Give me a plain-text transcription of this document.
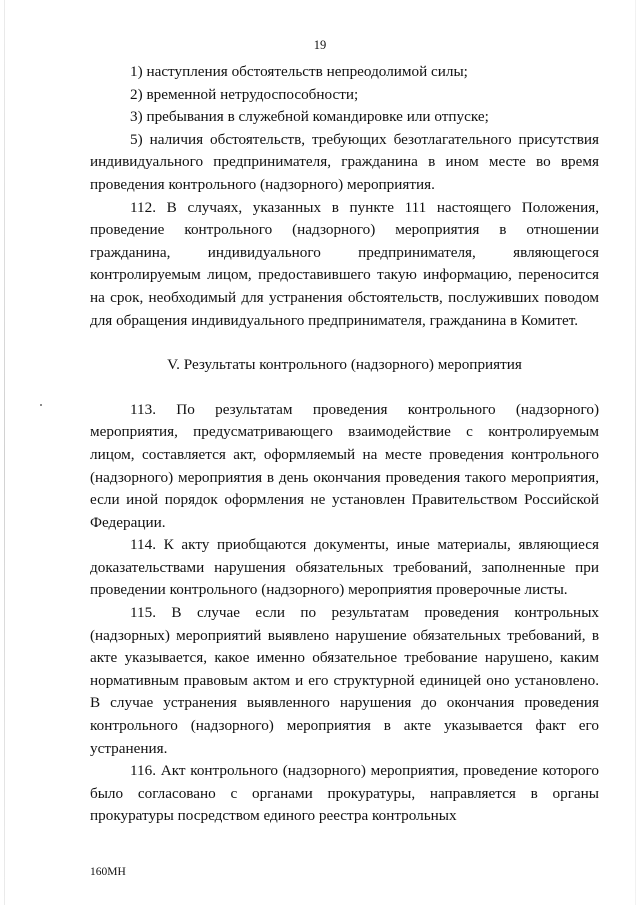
19

1) наступления обстоятельств непреодолимой силы;

2) временной нетрудоспособности;

3) пребывания в служебной командировке или отпуске;

5) наличия обстоятельств, требующих безотлагательного присутствия индивидуального предпринимателя, гражданина в ином месте во время проведения контрольного (надзорного) мероприятия.

112. В случаях, указанных в пункте 111 настоящего Положения, проведение контрольного (надзорного) мероприятия в отношении гражданина, индивидуального предпринимателя, являющегося контролируемым лицом, предоставившего такую информацию, переносится на срок, необходимый для устранения обстоятельств, послуживших поводом для обращения индивидуального предпринимателя, гражданина в Комитет.

V. Результаты контрольного (надзорного) мероприятия

113. По результатам проведения контрольного (надзорного) мероприятия, предусматривающего взаимодействие с контролируемым лицом, составляется акт, оформляемый на месте проведения контрольного (надзорного) мероприятия в день окончания проведения такого мероприятия, если иной порядок оформления не установлен Правительством Российской Федерации.

114. К акту приобщаются документы, иные материалы, являющиеся доказательствами нарушения обязательных требований, заполненные при проведении контрольного (надзорного) мероприятия проверочные листы.

115. В случае если по результатам проведения контрольных (надзорных) мероприятий выявлено нарушение обязательных требований, в акте указывается, какое именно обязательное требование нарушено, каким нормативным правовым актом и его структурной единицей оно установлено. В случае устранения выявленного нарушения до окончания проведения контрольного (надзорного) мероприятия в акте указывается факт его устранения.

116. Акт контрольного (надзорного) мероприятия, проведение которого было согласовано с органами прокуратуры, направляется в органы прокуратуры посредством единого реестра контрольных

160МН
